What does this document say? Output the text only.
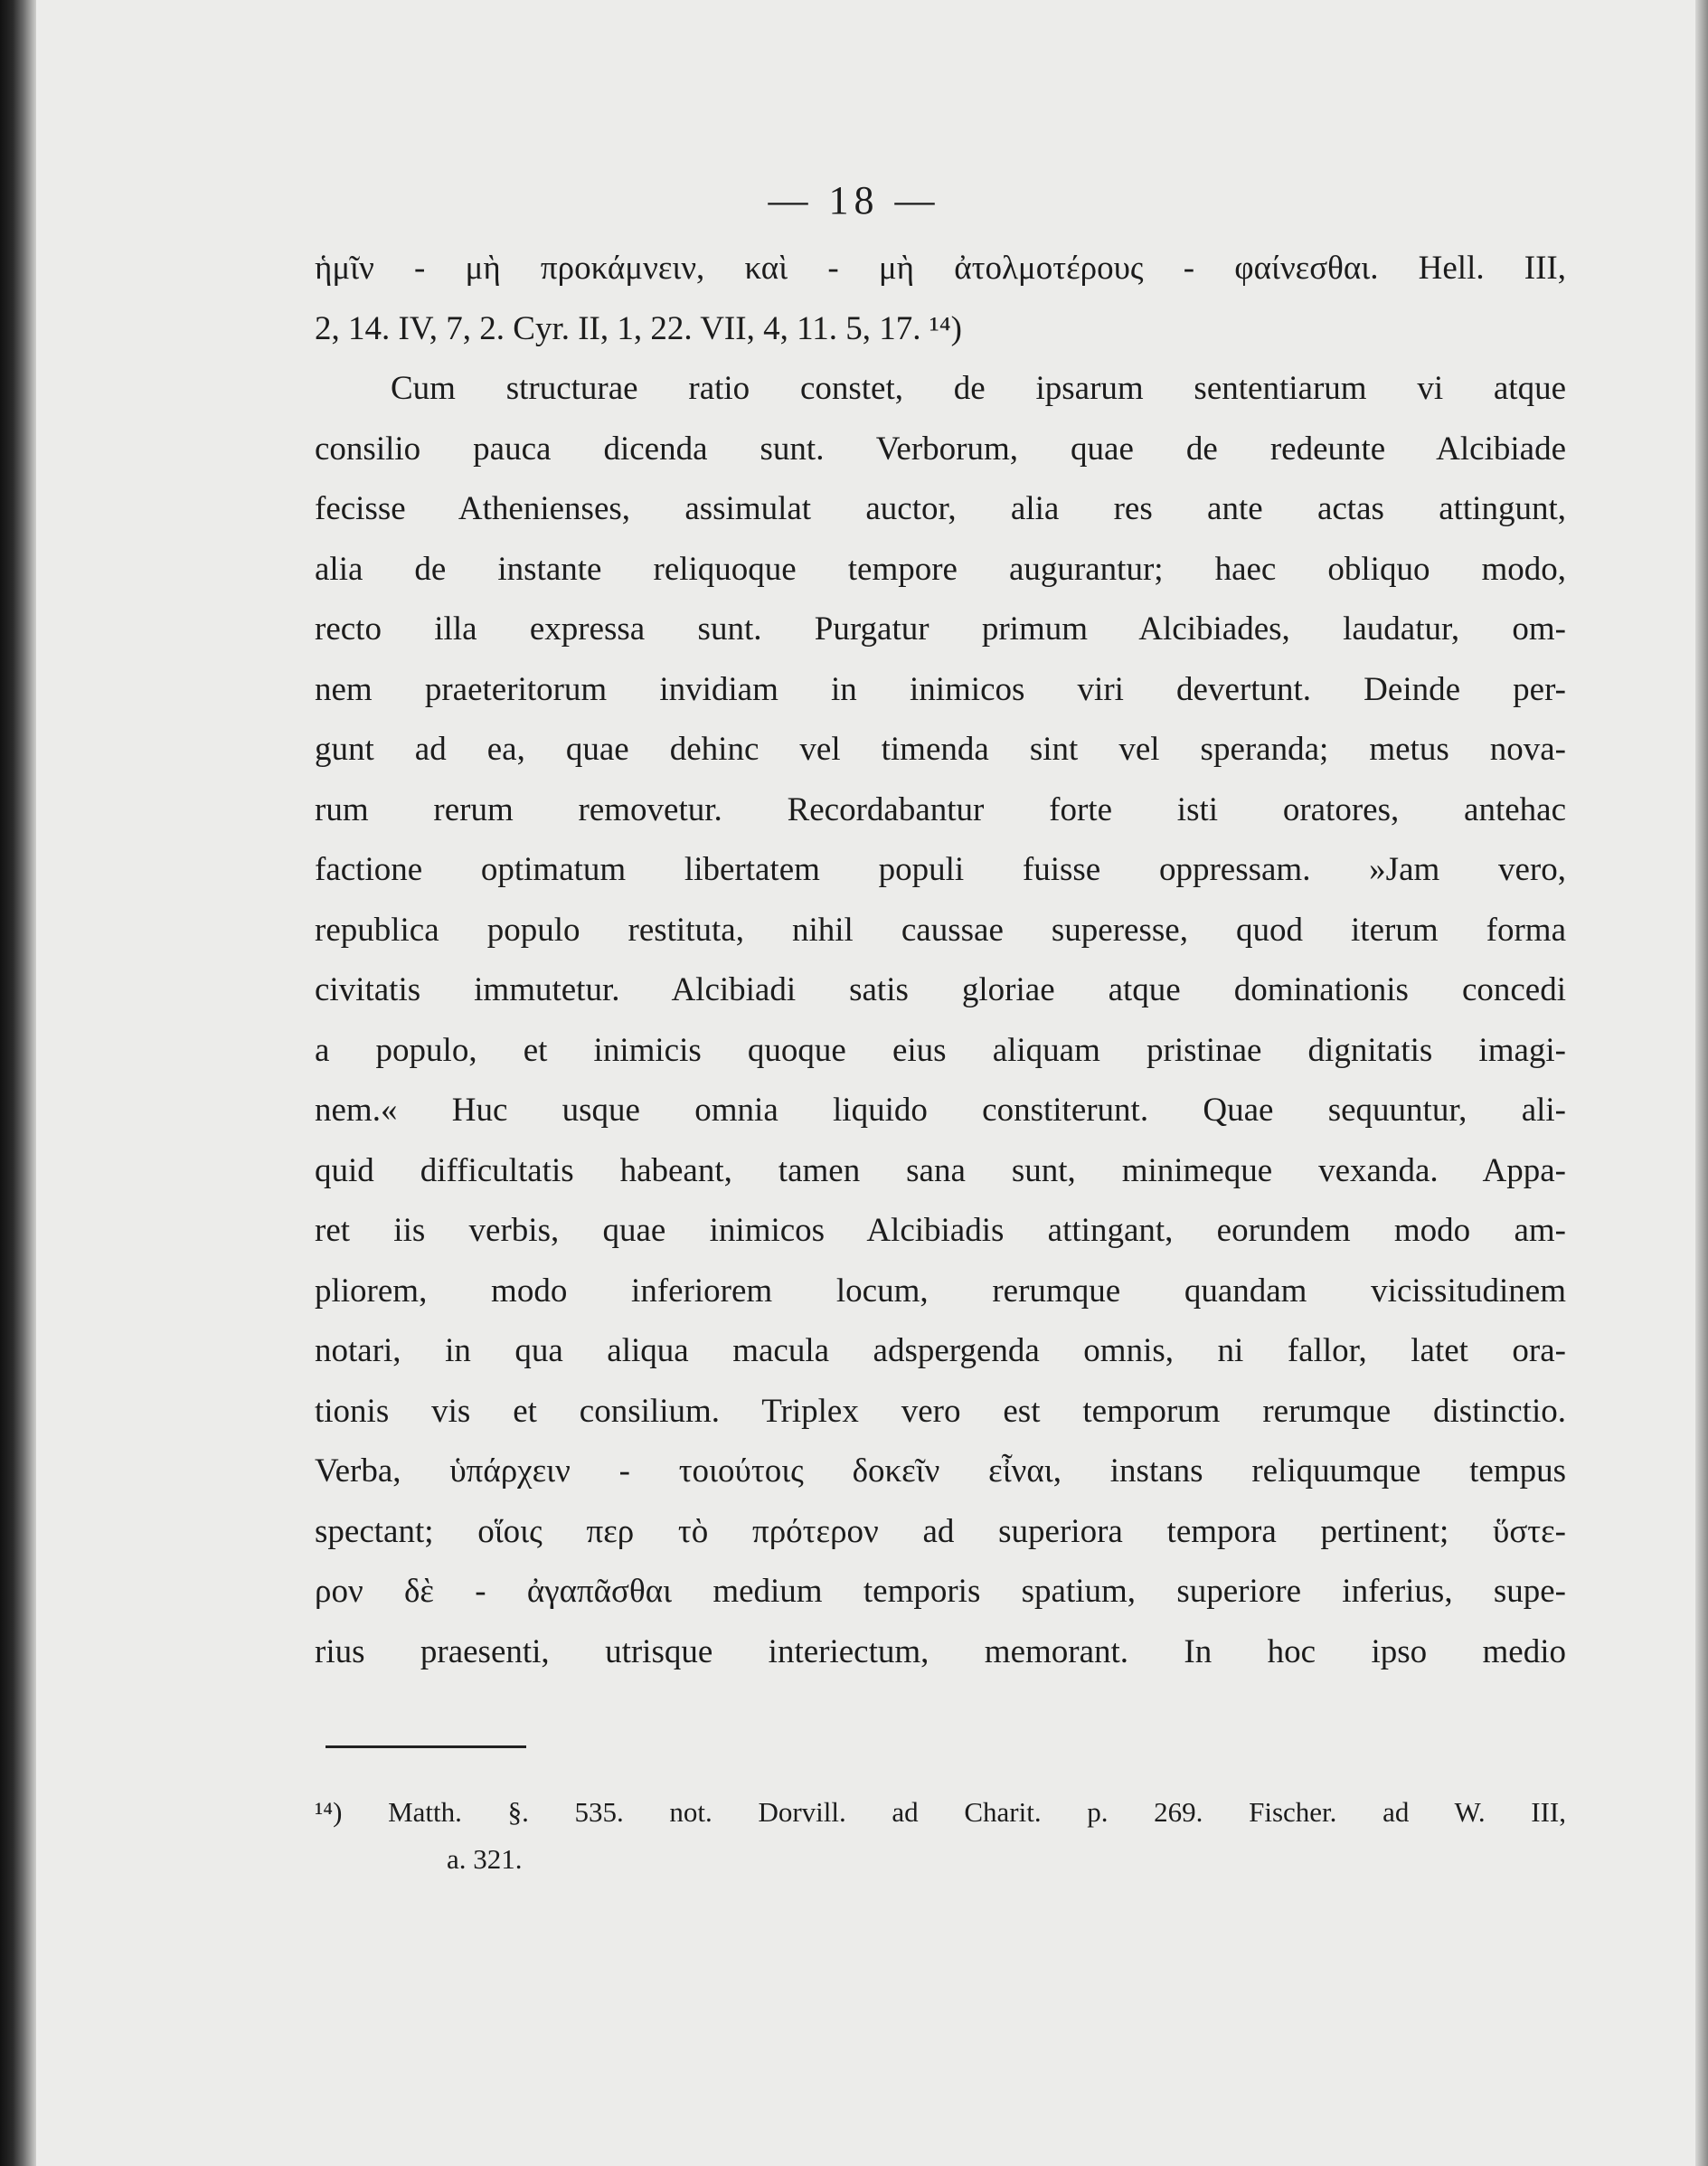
— 18 —
ἡμῖν - μὴ προκάμνειν, καὶ - μὴ ἀτολμοτέρους - φαίνεσθαι. Hell. III,
2, 14. IV, 7, 2. Cyr. II, 1, 22. VII, 4, 11. 5, 17. ¹⁴)
Cum structurae ratio constet, de ipsarum sententiarum vi atque
consilio pauca dicenda sunt. Verborum, quae de redeunte Alcibiade
fecisse Athenienses, assimulat auctor, alia res ante actas attingunt,
alia de instante reliquoque tempore augurantur; haec obliquo modo,
recto illa expressa sunt. Purgatur primum Alcibiades, laudatur, om-
nem praeteritorum invidiam in inimicos viri devertunt. Deinde per-
gunt ad ea, quae dehinc vel timenda sint vel speranda; metus nova-
rum rerum removetur. Recordabantur forte isti oratores, antehac
factione optimatum libertatem populi fuisse oppressam. »Jam vero,
republica populo restituta, nihil caussae superesse, quod iterum forma
civitatis immutetur. Alcibiadi satis gloriae atque dominationis concedi
a populo, et inimicis quoque eius aliquam pristinae dignitatis imagi-
nem.« Huc usque omnia liquido constiterunt. Quae sequuntur, ali-
quid difficultatis habeant, tamen sana sunt, minimeque vexanda. Appa-
ret iis verbis, quae inimicos Alcibiadis attingant, eorundem modo am-
pliorem, modo inferiorem locum, rerumque quandam vicissitudinem
notari, in qua aliqua macula adspergenda omnis, ni fallor, latet ora-
tionis vis et consilium. Triplex vero est temporum rerumque distinctio.
Verba, ὑπάρχειν - τοιούτοις δοκεῖν εἶναι, instans reliquumque tempus
spectant; οἵοις περ τὸ πρότερον ad superiora tempora pertinent; ὕστε-
ρον δὲ - ἀγαπᾶσθαι medium temporis spatium, superiore inferius, supe-
rius praesenti, utrisque interiectum, memorant. In hoc ipso medio
¹⁴) Matth. §. 535. not. Dorvill. ad Charit. p. 269. Fischer. ad W. III,
a. 321.
